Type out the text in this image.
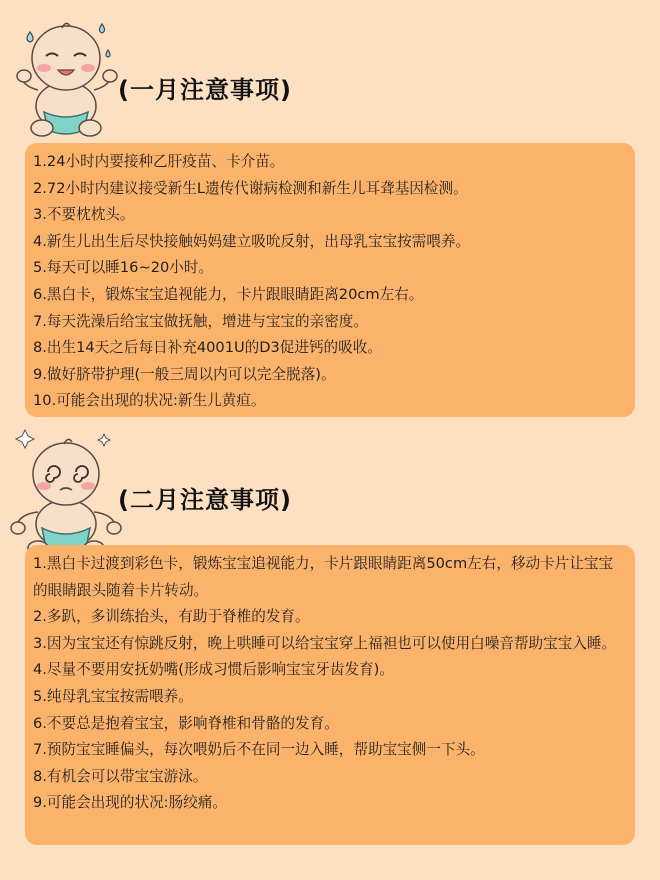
(一月注意事项)
1.24小时内要接种乙肝疫苗、卡介苗。
2.72小时内建议接受新生L遗传代谢病检测和新生儿耳聋基因检测。
3.不要枕枕头。
4.新生儿出生后尽快接触妈妈建立吸吮反射，出母乳宝宝按需喂养。
5.每天可以睡16~20小时。
6.黑白卡，锻炼宝宝追视能力，卡片跟眼睛距离20cm左右。
7.每天洗澡后给宝宝做抚触，增进与宝宝的亲密度。
8.出生14天之后每日补充4001U的D3促进钙的吸收。
9.做好脐带护理(一般三周以内可以完全脱落)。
10.可能会出现的状况:新生儿黄疸。
(二月注意事项)
1.黑白卡过渡到彩色卡，锻炼宝宝追视能力，卡片跟眼睛距离50cm左右，移动卡片让宝宝的眼睛跟头随着卡片转动。
2.多趴，多训练抬头，有助于脊椎的发育。
3.因为宝宝还有惊跳反射，晚上哄睡可以给宝宝穿上福袒也可以使用白噪音帮助宝宝入睡。
4.尽量不要用安抚奶嘴(形成习惯后影响宝宝牙齿发育)。
5.纯母乳宝宝按需喂养。
6.不要总是抱着宝宝，影响脊椎和骨骼的发育。
7.预防宝宝睡偏头，每次喂奶后不在同一边入睡，帮助宝宝侧一下头。
8.有机会可以带宝宝游泳。
9.可能会出现的状况:肠绞痛。
